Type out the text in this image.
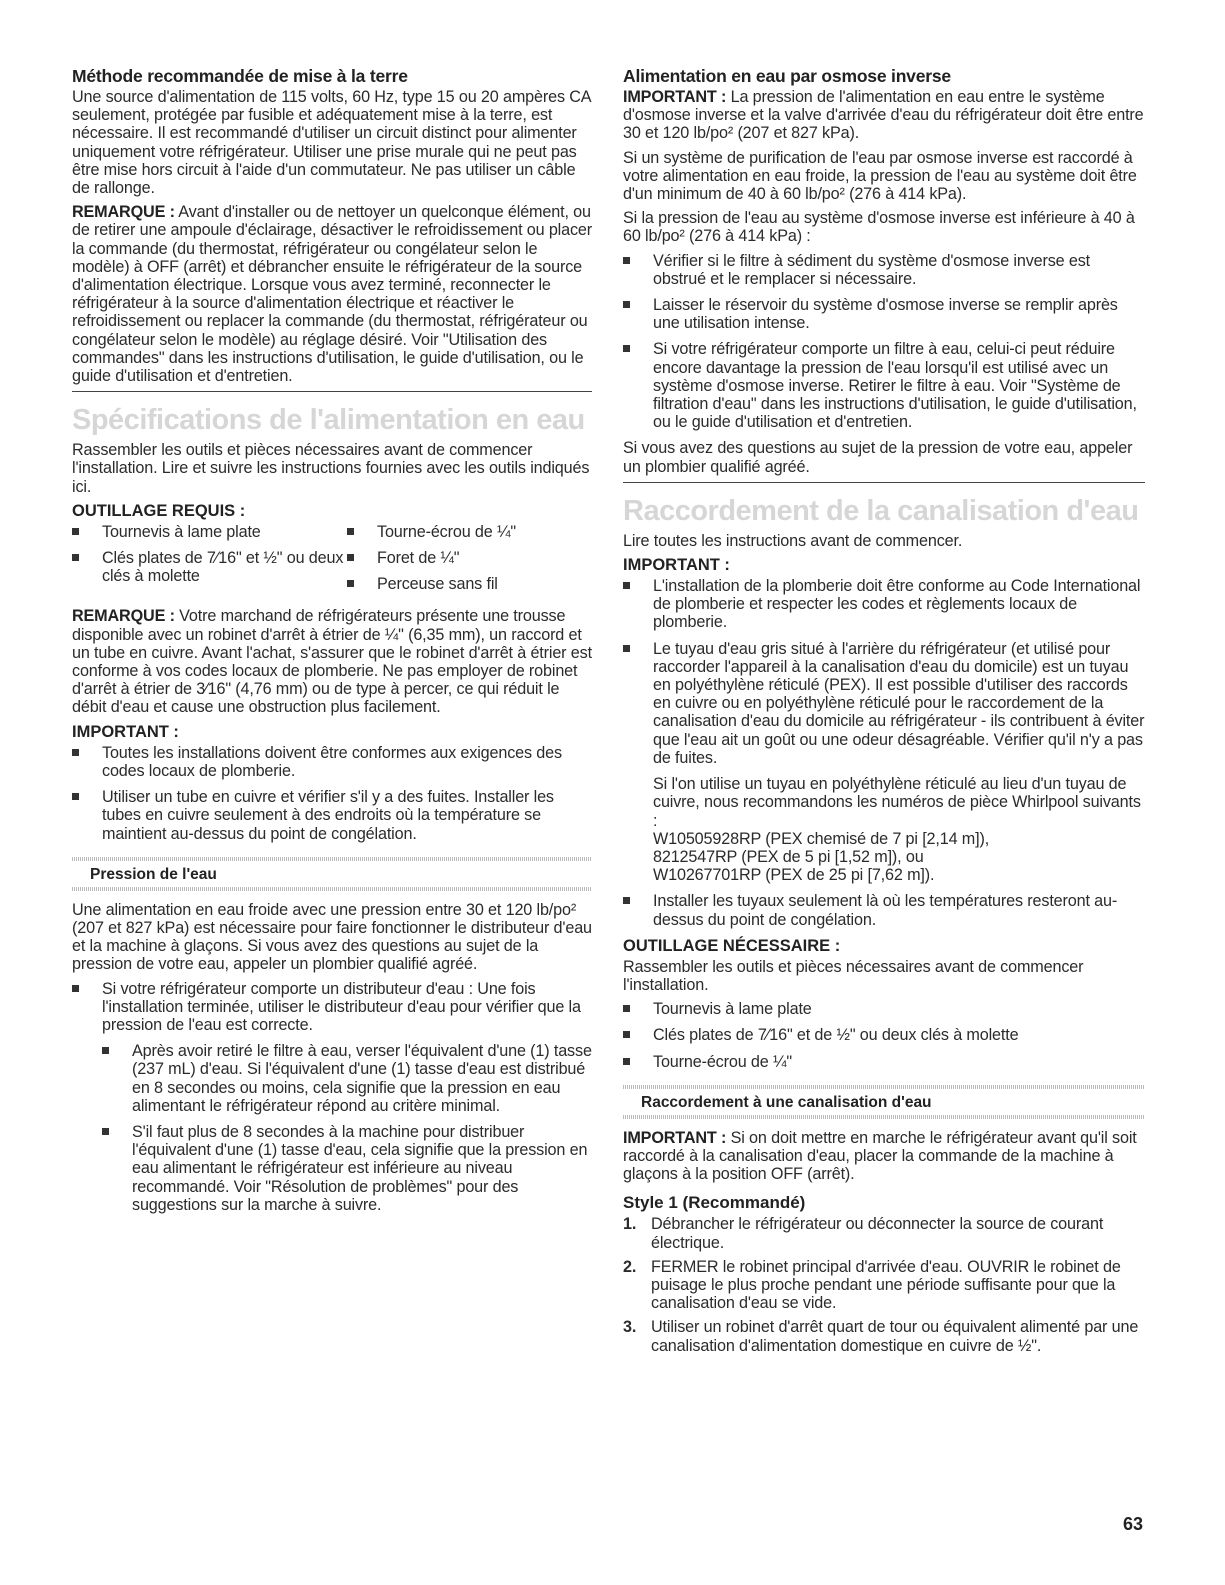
Méthode recommandée de mise à la terre

Une source d'alimentation de 115 volts, 60 Hz, type 15 ou 20 ampères CA seulement, protégée par fusible et adéquatement mise à la terre, est nécessaire. Il est recommandé d'utiliser un circuit distinct pour alimenter uniquement votre réfrigérateur. Utiliser une prise murale qui ne peut pas être mise hors circuit à l'aide d'un commutateur. Ne pas utiliser un câble de rallonge.

REMARQUE : Avant d'installer ou de nettoyer un quelconque élément, ou de retirer une ampoule d'éclairage, désactiver le refroidissement ou placer la commande (du thermostat, réfrigérateur ou congélateur selon le modèle) à OFF (arrêt) et débrancher ensuite le réfrigérateur de la source d'alimentation électrique. Lorsque vous avez terminé, reconnecter le réfrigérateur à la source d'alimentation électrique et réactiver le refroidissement ou replacer la commande (du thermostat, réfrigérateur ou congélateur selon le modèle) au réglage désiré. Voir "Utilisation des commandes" dans les instructions d'utilisation, le guide d'utilisation, ou le guide d'utilisation et d'entretien.

Spécifications de l'alimentation en eau

Rassembler les outils et pièces nécessaires avant de commencer l'installation. Lire et suivre les instructions fournies avec les outils indiqués ici.

OUTILLAGE REQUIS :
Tournevis à lame plate
Clés plates de 7⁄16" et ½" ou deux clés à molette
Tourne-écrou de ¼"
Foret de ¼"
Perceuse sans fil

REMARQUE : Votre marchand de réfrigérateurs présente une trousse disponible avec un robinet d'arrêt à étrier de ¼" (6,35 mm), un raccord et un tube en cuivre. Avant l'achat, s'assurer que le robinet d'arrêt à étrier est conforme à vos codes locaux de plomberie. Ne pas employer de robinet d'arrêt à étrier de 3⁄16" (4,76 mm) ou de type à percer, ce qui réduit le débit d'eau et cause une obstruction plus facilement.

IMPORTANT :
Toutes les installations doivent être conformes aux exigences des codes locaux de plomberie.
Utiliser un tube en cuivre et vérifier s'il y a des fuites. Installer les tubes en cuivre seulement à des endroits où la température se maintient au-dessus du point de congélation.
Pression de l'eau

Une alimentation en eau froide avec une pression entre 30 et 120 lb/po² (207 et 827 kPa) est nécessaire pour faire fonctionner le distributeur d'eau et la machine à glaçons. Si vous avez des questions au sujet de la pression de votre eau, appeler un plombier qualifié agréé.

Si votre réfrigérateur comporte un distributeur d'eau : Une fois l'installation terminée, utiliser le distributeur d'eau pour vérifier que la pression de l'eau est correcte.
Après avoir retiré le filtre à eau, verser l'équivalent d'une (1) tasse (237 mL) d'eau. Si l'équivalent d'une (1) tasse d'eau est distribué en 8 secondes ou moins, cela signifie que la pression en eau alimentant le réfrigérateur répond au critère minimal.
S'il faut plus de 8 secondes à la machine pour distribuer l'équivalent d'une (1) tasse d'eau, cela signifie que la pression en eau alimentant le réfrigérateur est inférieure au niveau recommandé. Voir "Résolution de problèmes" pour des suggestions sur la marche à suivre.
Alimentation en eau par osmose inverse

IMPORTANT : La pression de l'alimentation en eau entre le système d'osmose inverse et la valve d'arrivée d'eau du réfrigérateur doit être entre 30 et 120 lb/po² (207 et 827 kPa).

Si un système de purification de l'eau par osmose inverse est raccordé à votre alimentation en eau froide, la pression de l'eau au système doit être d'un minimum de 40 à 60 lb/po² (276 à 414 kPa).

Si la pression de l'eau au système d'osmose inverse est inférieure à 40 à 60 lb/po² (276 à 414 kPa) :

Vérifier si le filtre à sédiment du système d'osmose inverse est obstrué et le remplacer si nécessaire.
Laisser le réservoir du système d'osmose inverse se remplir après une utilisation intense.
Si votre réfrigérateur comporte un filtre à eau, celui-ci peut réduire encore davantage la pression de l'eau lorsqu'il est utilisé avec un système d'osmose inverse. Retirer le filtre à eau. Voir "Système de filtration d'eau" dans les instructions d'utilisation, le guide d'utilisation, ou le guide d'utilisation et d'entretien.

Si vous avez des questions au sujet de la pression de votre eau, appeler un plombier qualifié agréé.

Raccordement de la canalisation d'eau

Lire toutes les instructions avant de commencer.

IMPORTANT :
L'installation de la plomberie doit être conforme au Code International de plomberie et respecter les codes et règlements locaux de plomberie.
Le tuyau d'eau gris situé à l'arrière du réfrigérateur (et utilisé pour raccorder l'appareil à la canalisation d'eau du domicile) est un tuyau en polyéthylène réticulé (PEX). Il est possible d'utiliser des raccords en cuivre ou en polyéthylène réticulé pour le raccordement de la canalisation d'eau du domicile au réfrigérateur - ils contribuent à éviter que l'eau ait un goût ou une odeur désagréable. Vérifier qu'il n'y a pas de fuites.
Si l'on utilise un tuyau en polyéthylène réticulé au lieu d'un tuyau de cuivre, nous recommandons les numéros de pièce Whirlpool suivants :
W10505928RP (PEX chemisé de 7 pi [2,14 m]),
8212547RP (PEX de 5 pi [1,52 m]), ou
W10267701RP (PEX de 25 pi [7,62 m]).
Installer les tuyaux seulement là où les températures resteront au-dessus du point de congélation.
OUTILLAGE NÉCESSAIRE :

Rassembler les outils et pièces nécessaires avant de commencer l'installation.

Tournevis à lame plate
Clés plates de 7⁄16" et de ½" ou deux clés à molette
Tourne-écrou de ¼"
Raccordement à une canalisation d'eau

IMPORTANT : Si on doit mettre en marche le réfrigérateur avant qu'il soit raccordé à la canalisation d'eau, placer la commande de la machine à glaçons à la position OFF (arrêt).

Style 1 (Recommandé)
1. Débrancher le réfrigérateur ou déconnecter la source de courant électrique.
2. FERMER le robinet principal d'arrivée d'eau. OUVRIR le robinet de puisage le plus proche pendant une période suffisante pour que la canalisation d'eau se vide.
3. Utiliser un robinet d'arrêt quart de tour ou équivalent alimenté par une canalisation d'alimentation domestique en cuivre de ½".
63
